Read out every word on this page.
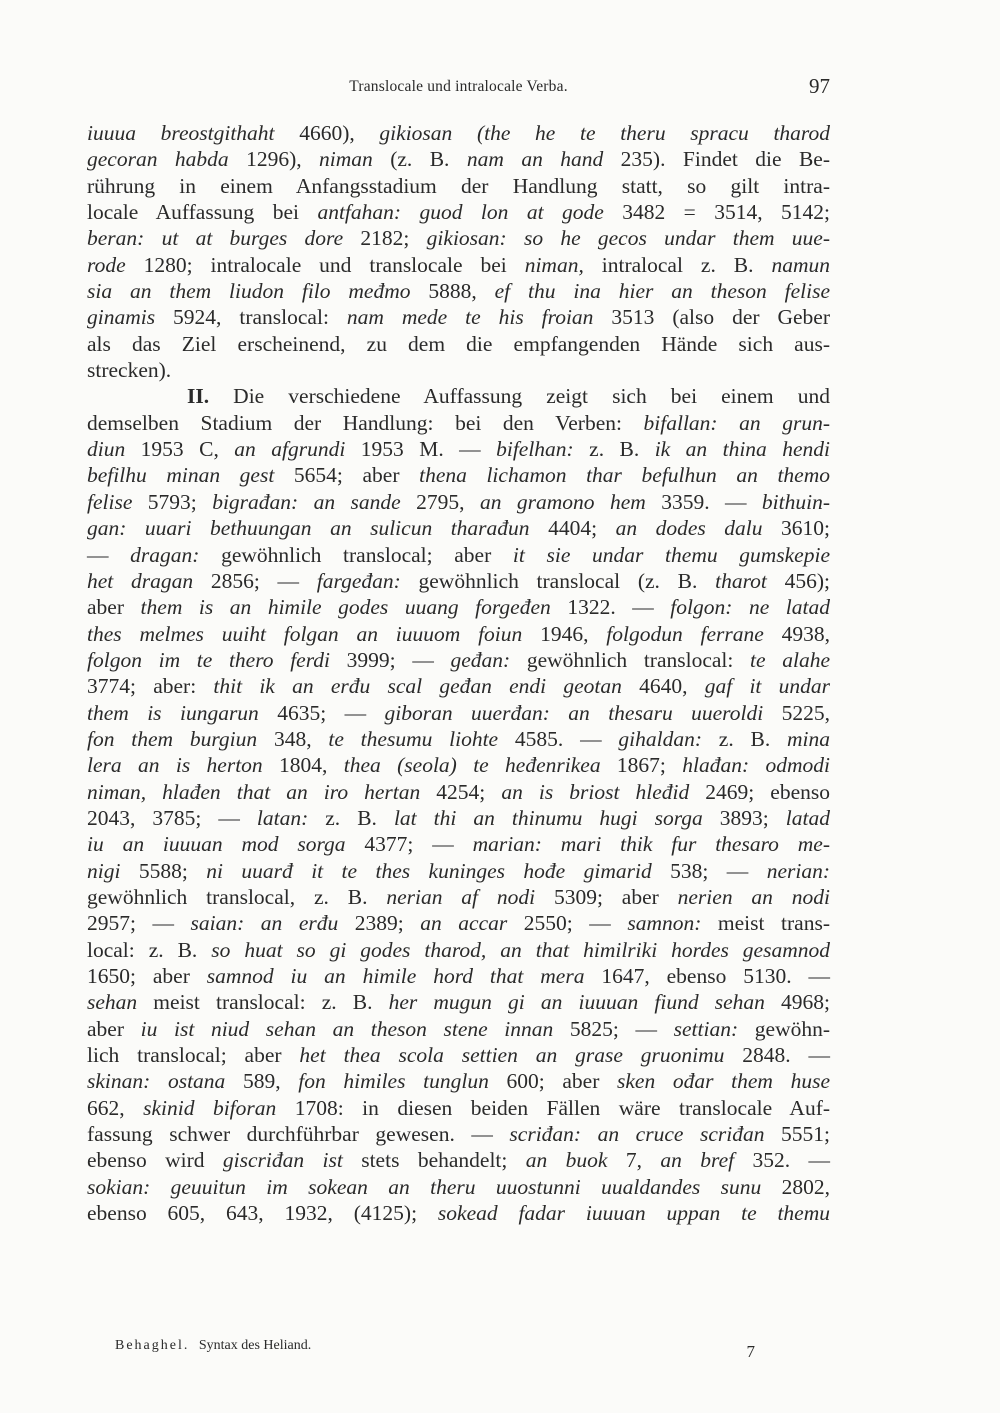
Translocale und intralocale Verba.	97
iuuua breostgithaht 4660), gikiosan (the he te theru spracu tharod
gecoran habda 1296), niman (z. B. nam an hand 235). Findet die Be-
rührung in einem Anfangsstadium der Handlung statt, so gilt intra-
locale Auffassung bei antfahan: guod lon at gode 3482 = 3514, 5142;
beran: ut at burges dore 2182; gikiosan: so he gecos undar them uue-
rode 1280; intralocale und translocale bei niman, intralocal z. B. namun
sia an them liudon filo međmo 5888, ef thu ina hier an theson felise
ginamis 5924, translocal: nam mede te his froian 3513 (also der Geber
als das Ziel erscheinend, zu dem die empfangenden Hände sich aus-
strecken).
II. Die verschiedene Auffassung zeigt sich bei einem und
demselben Stadium der Handlung: bei den Verben: bifallan: an grun-
diun 1953 C, an afgrundi 1953 M. — bifelhan: z. B. ik an thina hendi
befilhu minan gest 5654; aber thena lichamon thar befulhun an themo
felise 5793; bigrađan: an sande 2795, an gramono hem 3359. — bithuin-
gan: uuari bethuungan an sulicun tharađun 4404; an dodes dalu 3610;
— dragan: gewöhnlich translocal; aber it sie undar themu gumskepie
het dragan 2856; — fargeđan: gewöhnlich translocal (z. B. tharot 456);
aber them is an himile godes uuang forgeđen 1322. — folgon: ne latad
thes melmes uuiht folgan an iuuuom foiun 1946, folgodun ferrane 4938,
folgon im te thero ferdi 3999; — geđan: gewöhnlich translocal: te alahe
3774; aber: thit ik an erđu scal geđan endi geotan 4640, gaf it undar
them is iungarun 4635; — giboran uuerđan: an thesaru uueroldi 5225,
fon them burgiun 348, te thesumu liohte 4585. — gihaldan: z. B. mina
lera an is herton 1804, thea (seola) te heđenrikea 1867; hlađan: odmodi
niman, hlađen that an iro hertan 4254; an is briost hleđid 2469; ebenso
2043, 3785; — latan: z. B. lat thi an thinumu hugi sorga 3893; latad
iu an iuuuan mod sorga 4377; — marian: mari thik fur thesaro me-
nigi 5588; ni uuarđ it te thes kuninges hođe gimarid 538; — nerian:
gewöhnlich translocal, z. B. nerian af nodi 5309; aber nerien an nodi
2957; — saian: an erđu 2389; an accar 2550; — samnon: meist trans-
local: z. B. so huat so gi godes tharod, an that himilriki hordes gesamnod
1650; aber samnod iu an himile hord that mera 1647, ebenso 5130. —
sehan meist translocal: z. B. her mugun gi an iuuuan fiund sehan 4968;
aber iu ist niud sehan an theson stene innan 5825; — settian: gewöhn-
lich translocal; aber het thea scola settien an grase gruonimu 2848. —
skinan: ostana 589, fon himiles tunglun 600; aber sken ođar them huse
662, skinid biforan 1708: in diesen beiden Fällen wäre translocale Auf-
fassung schwer durchführbar gewesen. — scriđan: an cruce scriđan 5551;
ebenso wird giscriđan ist stets behandelt; an buok 7, an bref 352. —
sokian: geuuitun im sokean an theru uuostunni uualdandes sunu 2802,
ebenso 605, 643, 1932, (4125); sokead fadar iuuuan uppan te themu
Behaghel. Syntax des Heliand.	7
